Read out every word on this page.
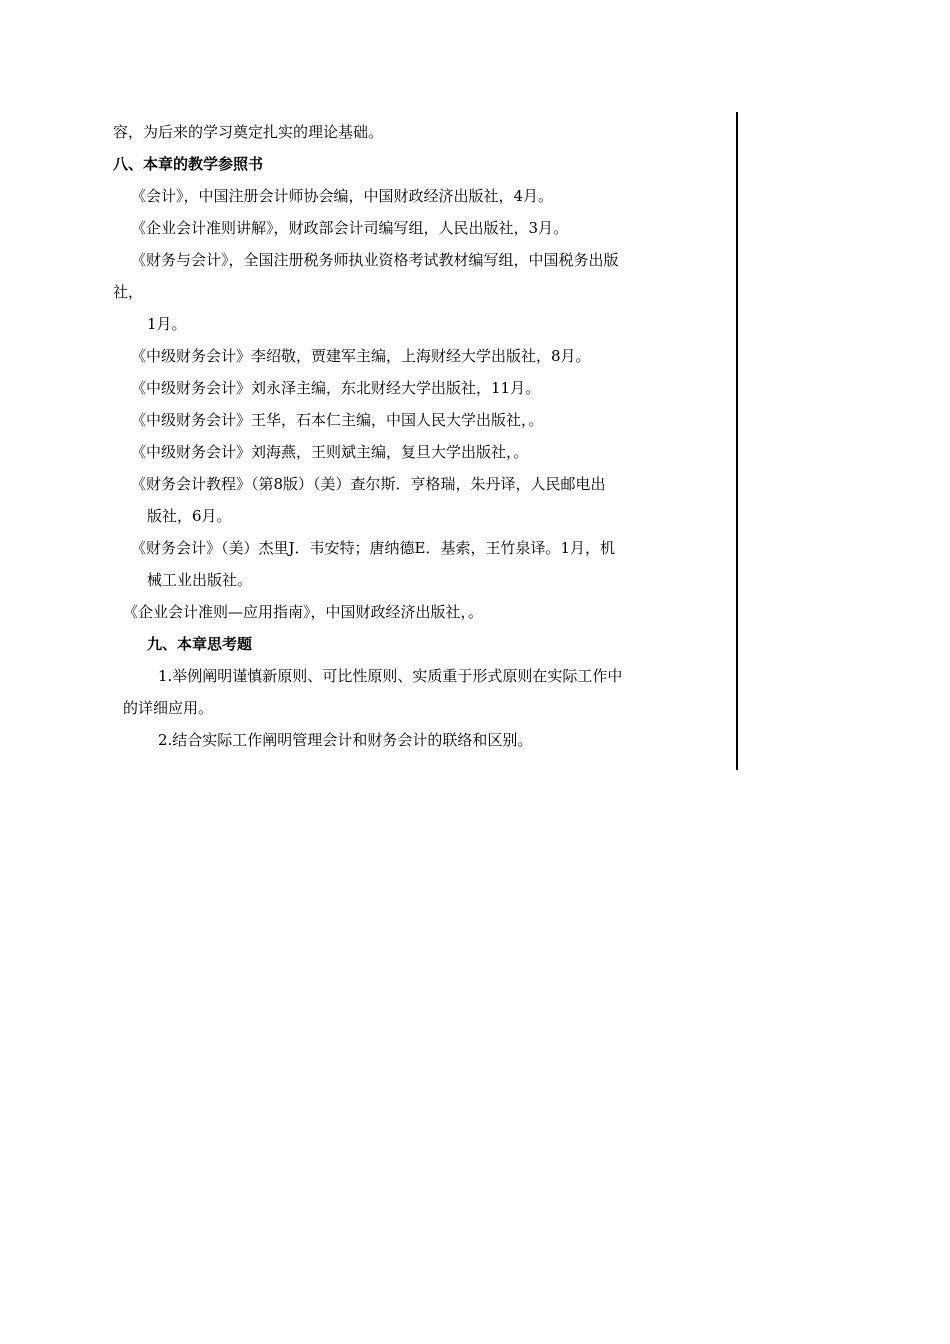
容，为后来的学习奠定扎实的理论基础。
八、本章的教学参照书
《会计》，中国注册会计师协会编，中国财政经济出版社，4月。
《企业会计准则讲解》，财政部会计司编写组，人民出版社，3月。
《财务与会计》，全国注册税务师执业资格考试教材编写组，中国税务出版
社，
1月。
《中级财务会计》李绍敬，贾建军主编，上海财经大学出版社，8月。
《中级财务会计》刘永泽主编，东北财经大学出版社，11月。
《中级财务会计》王华，石本仁主编，中国人民大学出版社，。
《中级财务会计》刘海燕，王则斌主编，复旦大学出版社，。
《财务会计教程》（第8版）（美）查尔斯．亨格瑞，朱丹译，人民邮电出
版社，6月。
《财务会计》（美）杰里J．韦安特；唐纳德E．基索，王竹泉译。1月，机
械工业出版社。
《企业会计准则—应用指南》，中国财政经济出版社，。
九、本章思考题
1.举例阐明谨慎新原则、可比性原则、实质重于形式原则在实际工作中
的详细应用。
2.结合实际工作阐明管理会计和财务会计的联络和区别。
